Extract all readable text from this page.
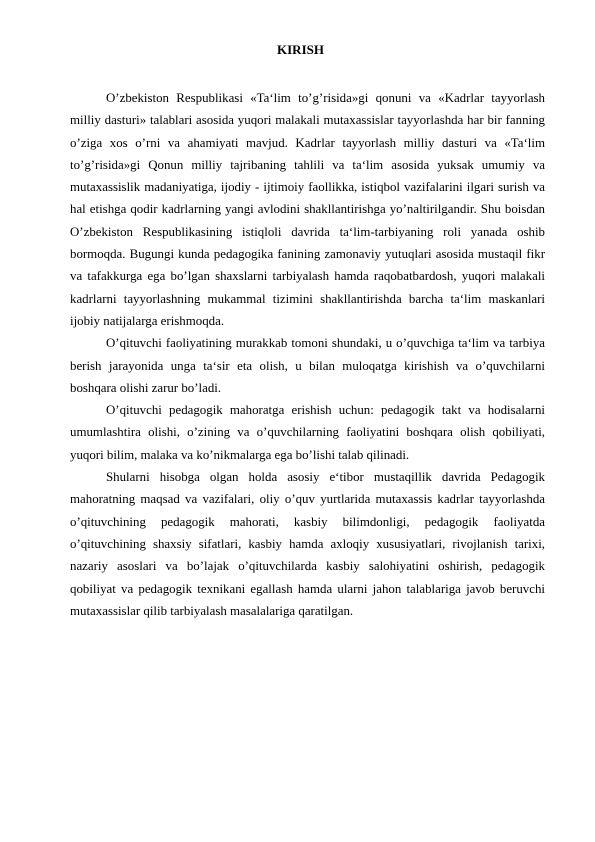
KIRISH

O’zbekiston Respublikasi «Ta‘lim to’g’risida»gi qonuni va «Kadrlar tayyorlash milliy dasturi» talablari asosida yuqori malakali mutaxassislar tayyorlashda har bir fanning o’ziga xos o’rni va ahamiyati mavjud. Kadrlar tayyorlash milliy dasturi va «Ta‘lim to’g’risida»gi Qonun milliy tajribaning tahlili va ta‘lim asosida yuksak umumiy va mutaxassislik madaniyatiga, ijodiy - ijtimoiy faollikka, istiqbol vazifalarini ilgari surish va hal etishga qodir kadrlarning yangi avlodini shakllantirishga yo’naltirilgandir. Shu boisdan O’zbekiston Respublikasining istiqloli davrida ta‘lim-tarbiyaning roli yanada oshib bormoqda. Bugungi kunda pedagogika fanining zamonaviy yutuqlari asosida mustaqil fikr va tafakkurga ega bo’lgan shaxslarni tarbiyalash hamda raqobatbardosh, yuqori malakali kadrlarni tayyorlashning mukammal tizimini shakllantirishda barcha ta‘lim maskanlari ijobiy natijalarga erishmoqda.

O’qituvchi faoliyatining murakkab tomoni shundaki, u o’quvchiga ta‘lim va tarbiya berish jarayonida unga ta‘sir eta olish, u bilan muloqatga kirishish va o’quvchilarni boshqara olishi zarur bo’ladi.

O’qituvchi pedagogik mahoratga erishish uchun: pedagogik takt va hodisalarni umumlashtira olishi, o’zining va o’quvchilarning faoliyatini boshqara olish qobiliyati, yuqori bilim, malaka va ko’nikmalarga ega bo’lishi talab qilinadi.

Shularni hisobga olgan holda asosiy e‘tibor mustaqillik davrida Pedagogik mahoratning maqsad va vazifalari, oliy o’quv yurtlarida mutaxassis kadrlar tayyorlashda o’qituvchining pedagogik mahorati, kasbiy bilimdonligi, pedagogik faoliyatda o’qituvchining shaxsiy sifatlari, kasbiy hamda axloqiy xususiyatlari, rivojlanish tarixi, nazariy asoslari va bo’lajak o’qituvchilarda kasbiy salohiyatini oshirish, pedagogik qobiliyat va pedagogik texnikani egallash hamda ularni jahon talablariga javob beruvchi mutaxassislar qilib tarbiyalash masalalariga qaratilgan.
